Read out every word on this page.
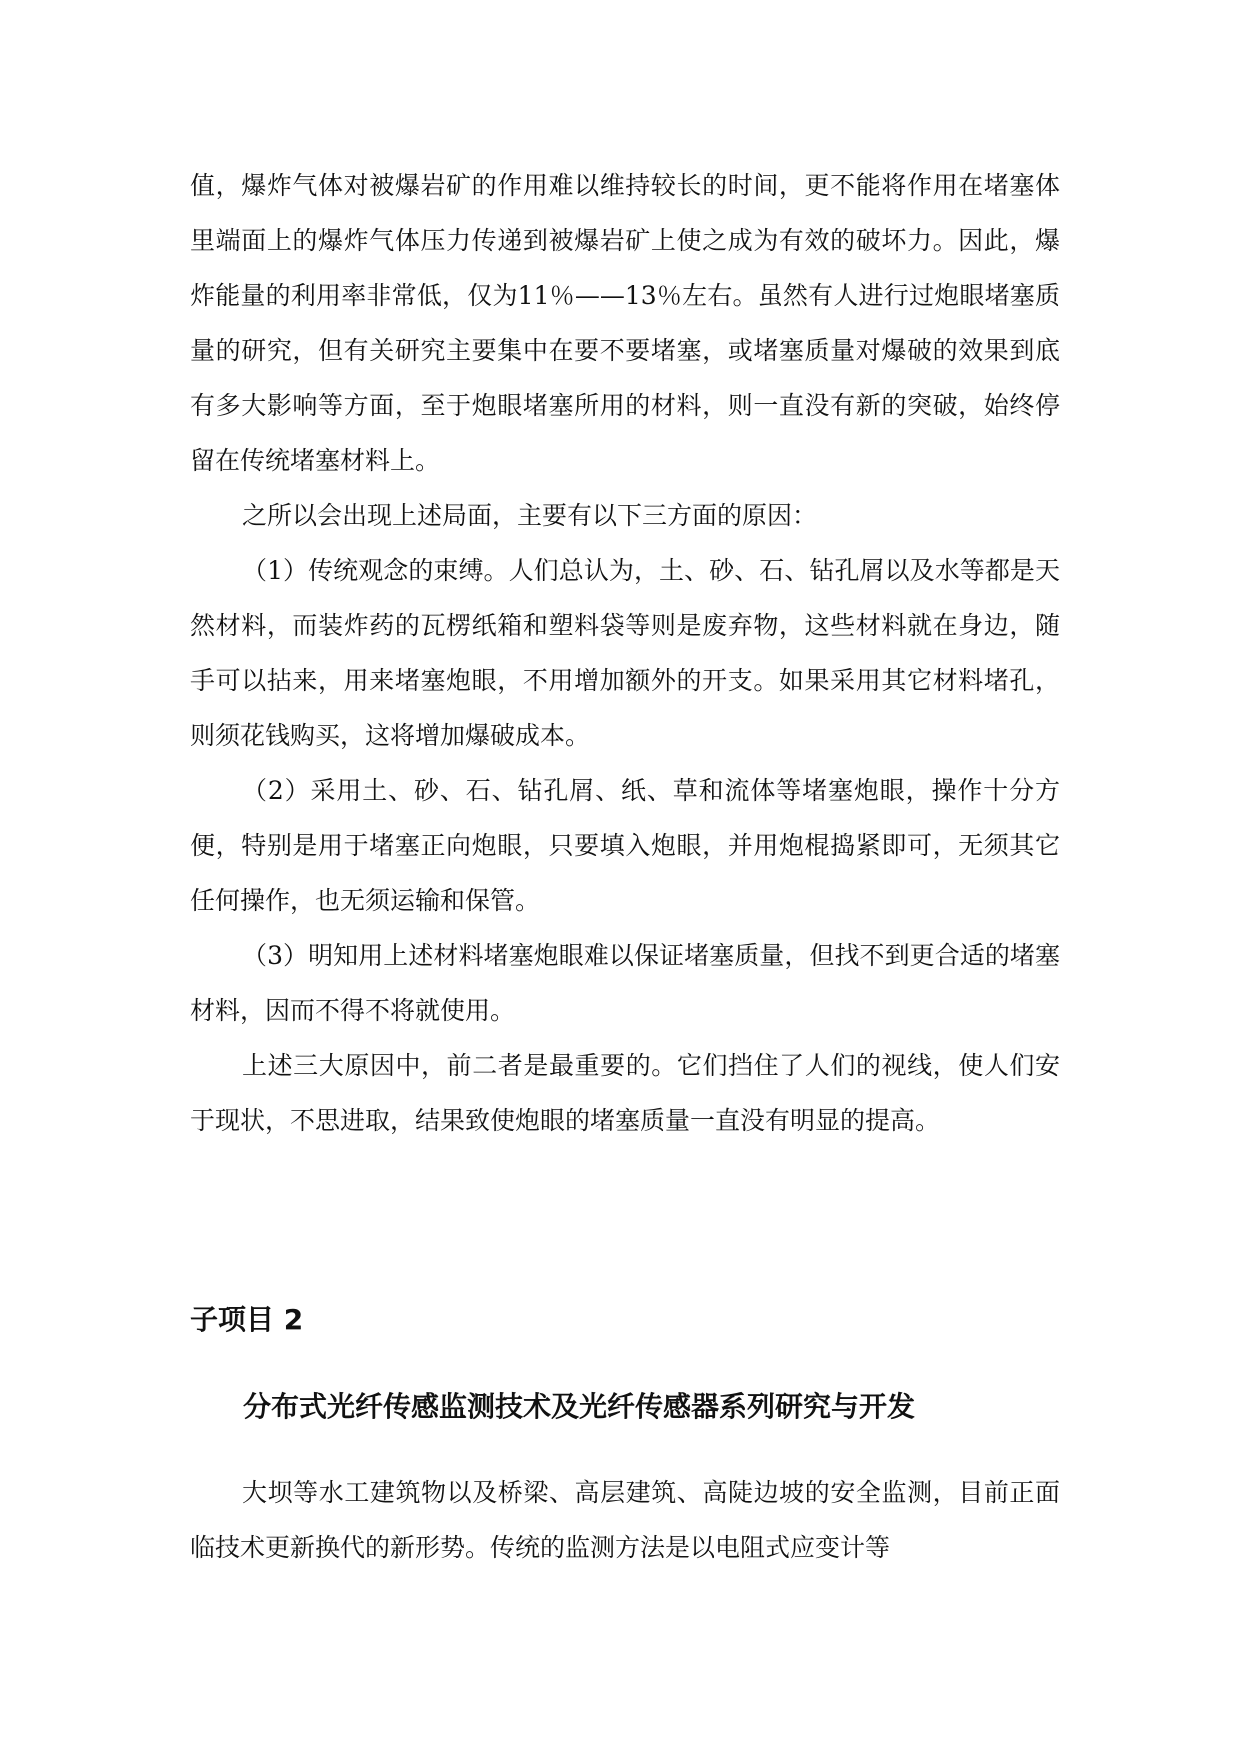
值，爆炸气体对被爆岩矿的作用难以维持较长的时间，更不能将作用在堵塞体里端面上的爆炸气体压力传递到被爆岩矿上使之成为有效的破坏力。因此，爆炸能量的利用率非常低，仅为11％——13％左右。虽然有人进行过炮眼堵塞质量的研究，但有关研究主要集中在要不要堵塞，或堵塞质量对爆破的效果到底有多大影响等方面，至于炮眼堵塞所用的材料，则一直没有新的突破，始终停留在传统堵塞材料上。

之所以会出现上述局面，主要有以下三方面的原因：

（1）传统观念的束缚。人们总认为，土、砂、石、钻孔屑以及水等都是天然材料，而装炸药的瓦楞纸箱和塑料袋等则是废弃物，这些材料就在身边，随手可以拈来，用来堵塞炮眼，不用增加额外的开支。如果采用其它材料堵孔，则须花钱购买，这将增加爆破成本。

（2）采用土、砂、石、钻孔屑、纸、草和流体等堵塞炮眼，操作十分方便，特别是用于堵塞正向炮眼，只要填入炮眼，并用炮棍捣紧即可，无须其它任何操作，也无须运输和保管。

（3）明知用上述材料堵塞炮眼难以保证堵塞质量，但找不到更合适的堵塞材料，因而不得不将就使用。

上述三大原因中，前二者是最重要的。它们挡住了人们的视线，使人们安于现状，不思进取，结果致使炮眼的堵塞质量一直没有明显的提高。

子项目 2
分布式光纤传感监测技术及光纤传感器系列研究与开发

大坝等水工建筑物以及桥梁、高层建筑、高陡边坡的安全监测，目前正面临技术更新换代的新形势。传统的监测方法是以电阻式应变计等
